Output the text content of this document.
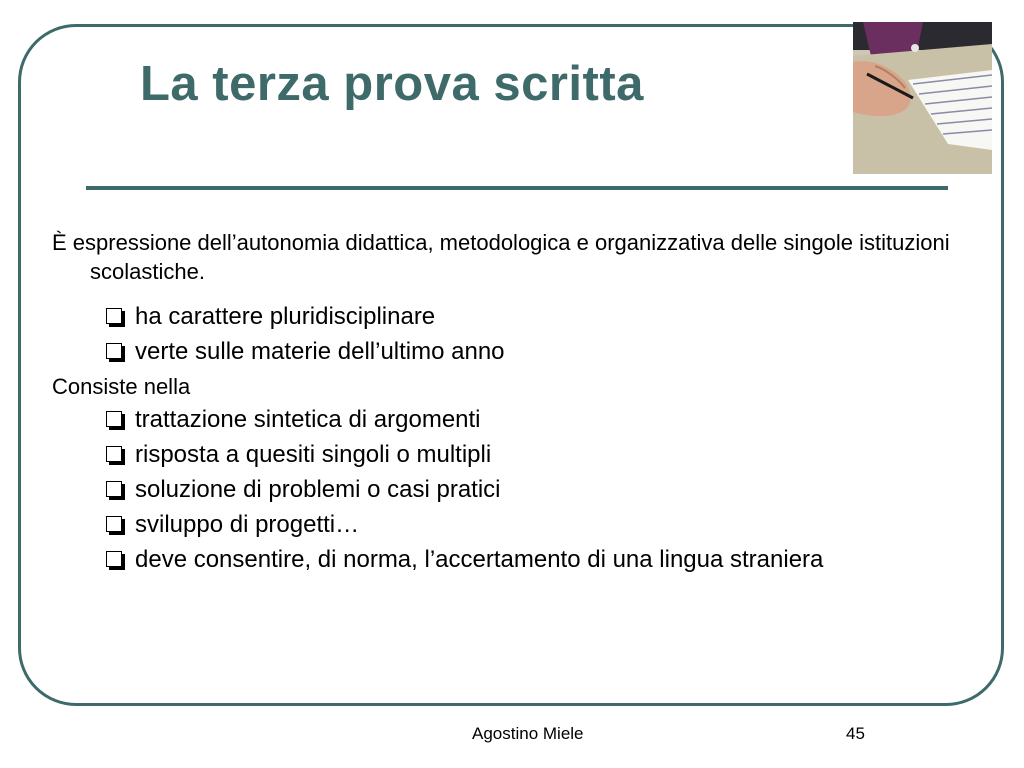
La terza prova scritta

È espressione dell’autonomia didattica, metodologica e organizzativa delle singole istituzioni scolastiche.

ha carattere pluridisciplinare
verte sulle materie dell’ultimo anno

Consiste nella

trattazione sintetica di argomenti
risposta a quesiti singoli o multipli
soluzione di problemi o casi pratici
sviluppo di progetti…
deve consentire, di norma, l’accertamento di una lingua straniera
Agostino Miele	45
